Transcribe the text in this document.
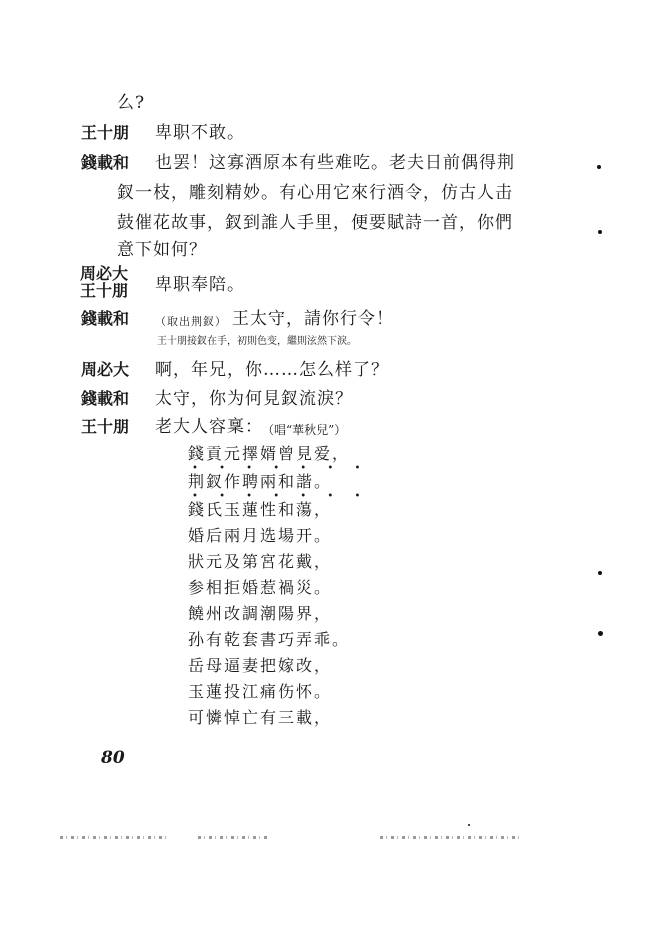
么?
王十朋 卑职不敢。
錢載和 也罢！这寡酒原本有些难吃。老夫日前偶得荆
釵一枝，雕刻精妙。有心用它來行酒令，仿古人击
鼓催花故事，釵到誰人手里，便要賦詩一首，你們
意下如何？
周必大
王十朋 卑职奉陪。
錢載和 （取出荆釵） 王太守，請你行令！
王十朋接釵在手，初則色变，繼則泫然下淚。
周必大 啊，年兄，你……怎么样了？
錢載和 太守，你为何見釵流淚？
王十朋 老大人容稟： （唱“華秋兒”）
錢貢元擇婿曾見爱，
• • • • • • •
荆釵作聘兩和諧。
• • • • • • •
錢氏玉蓮性和蕩，
婚后兩月选場开。
狀元及第宮花戴，
参相拒婚惹禍災。
饒州改調潮陽界，
孙有乾套書巧弄乖。
岳母逼妻把嫁改，
玉蓮投江痛伤怀。
可憐悼亡有三載，
80
